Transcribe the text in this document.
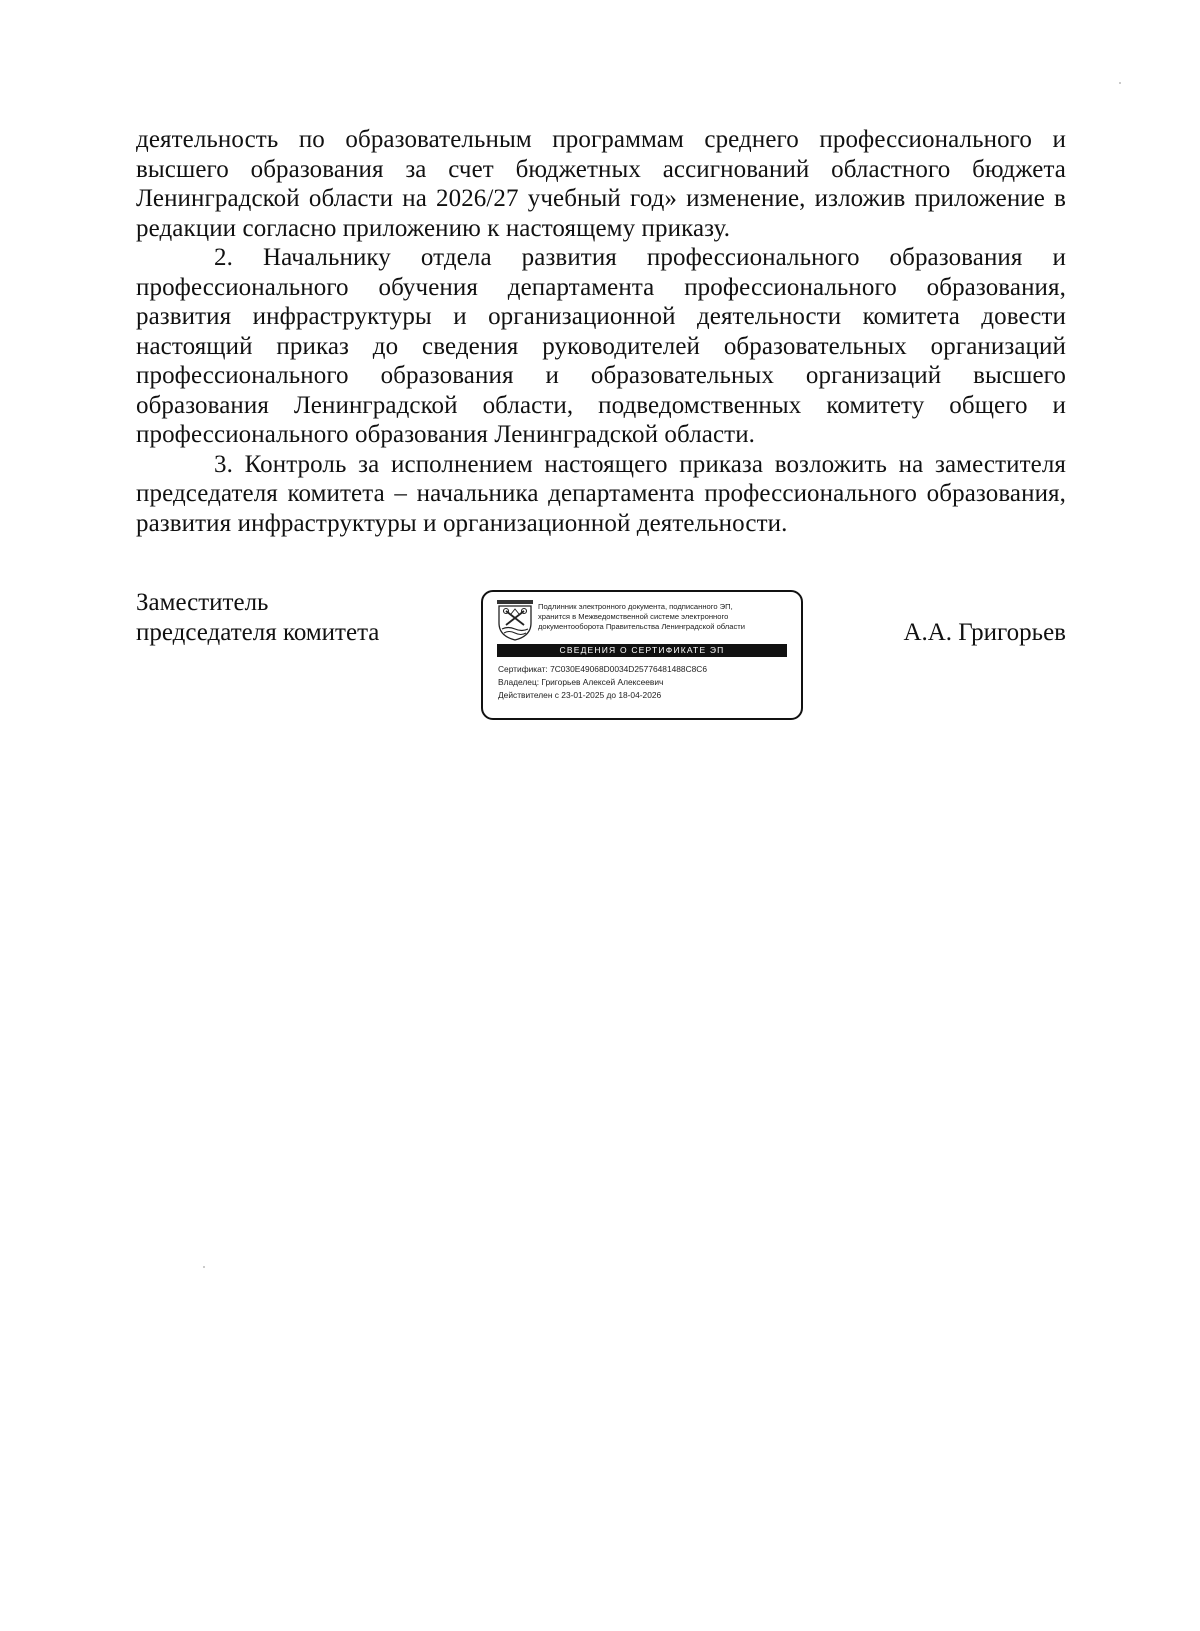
деятельность по образовательным программам среднего профессионального и высшего образования за счет бюджетных ассигнований областного бюджета Ленинградской области на 2026/27 учебный год» изменение, изложив приложение в редакции согласно приложению к настоящему приказу.

2. Начальнику отдела развития профессионального образования и профессионального обучения департамента профессионального образования, развития инфраструктуры и организационной деятельности комитета довести настоящий приказ до сведения руководителей образовательных организаций профессионального образования и образовательных организаций высшего образования Ленинградской области, подведомственных комитету общего и профессионального образования Ленинградской области.

3. Контроль за исполнением настоящего приказа возложить на заместителя председателя комитета – начальника департамента профессионального образования, развития инфраструктуры и организационной деятельности.

Заместитель
председателя комитета
Подлинник электронного документа, подписанного ЭП,
хранится в Межведомственной системе электронного
документооборота Правительства Ленинградской области
СВЕДЕНИЯ О СЕРТИФИКАТЕ ЭП
Сертификат: 7C030E49068D0034D25776481488C8C6
Владелец: Григорьев Алексей Алексеевич
Действителен с 23-01-2025 до 18-04-2026
А.А. Григорьев
